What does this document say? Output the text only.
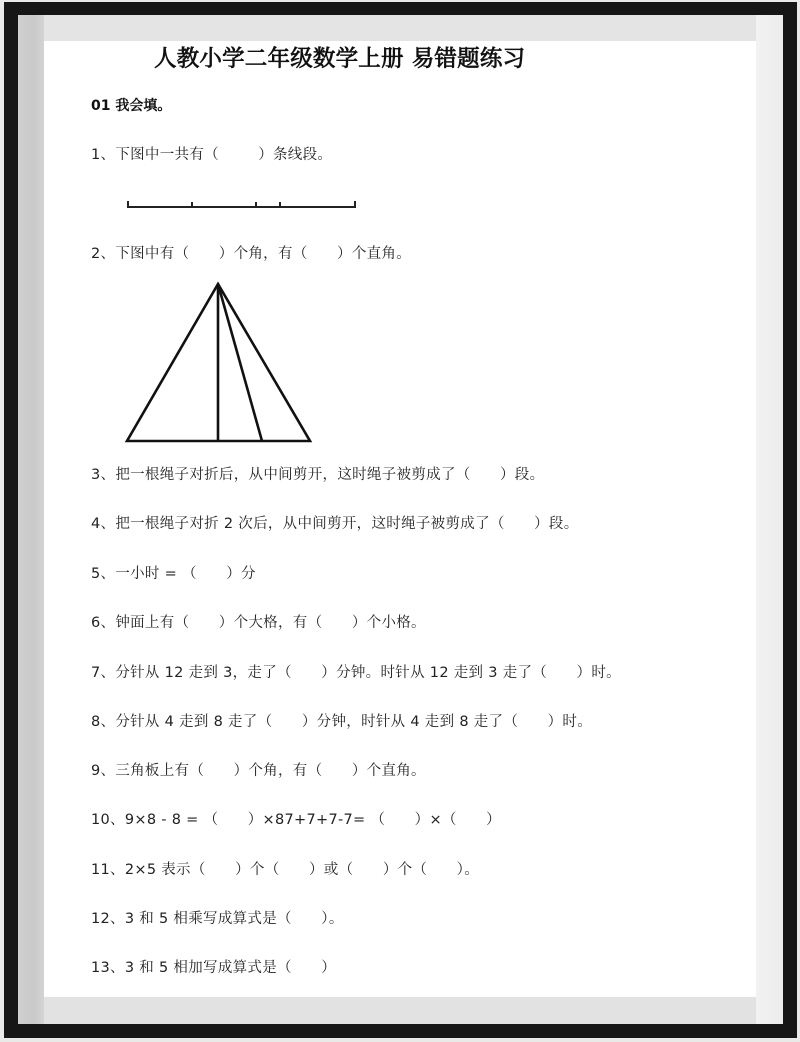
人教小学二年级数学上册 易错题练习
01 我会填。
1、下图中一共有（        ）条线段。
2、下图中有（      ）个角，有（      ）个直角。
3、把一根绳子对折后，从中间剪开，这时绳子被剪成了（      ）段。
4、把一根绳子对折 2 次后，从中间剪开，这时绳子被剪成了（      ）段。
5、一小时 = （      ）分
6、钟面上有（      ）个大格，有（      ）个小格。
7、分针从 12 走到 3，走了（      ）分钟。时针从 12 走到 3 走了（      ）时。
8、分针从 4 走到 8 走了（      ）分钟，时针从 4 走到 8 走了（      ）时。
9、三角板上有（      ）个角，有（      ）个直角。
10、9×8 - 8 = （      ）×87+7+7-7= （      ）×（      ）
11、2×5 表示（      ）个（      ）或（      ）个（      ）。
12、3 和 5 相乘写成算式是（      ）。
13、3 和 5 相加写成算式是（      ）
